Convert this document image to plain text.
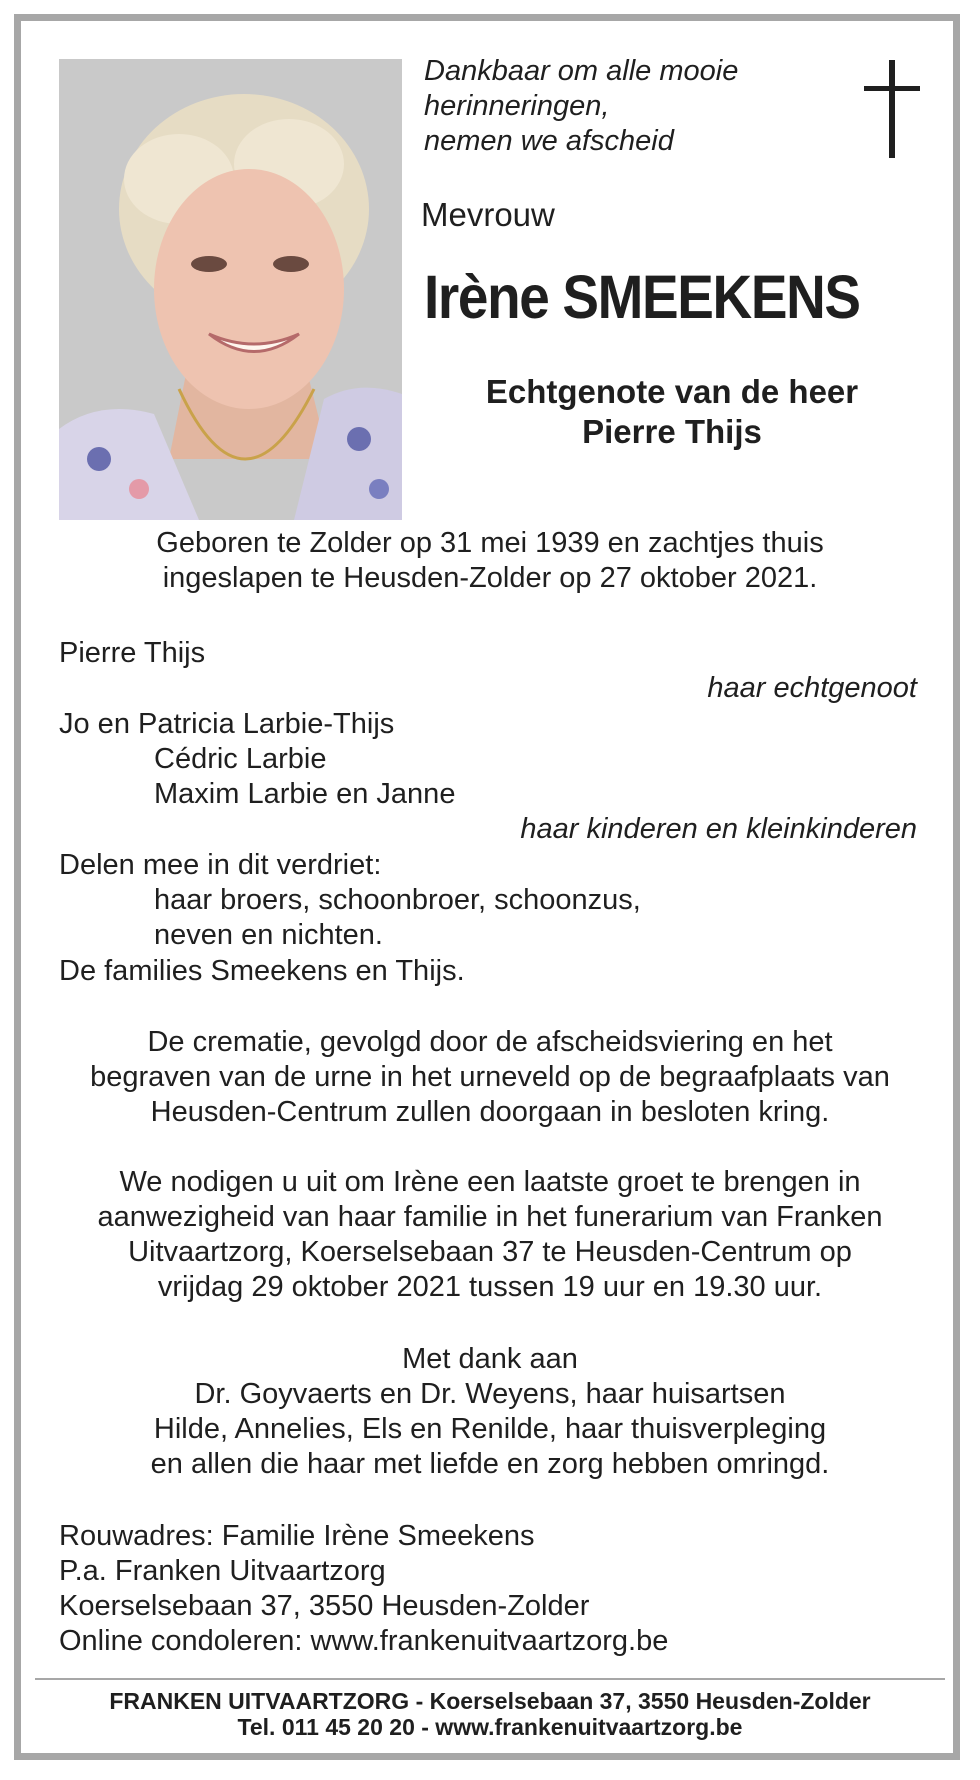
Dankbaar om alle mooie
herinneringen,
nemen we afscheid

Mevrouw

Irène SMEEKENS
Echtgenote van de heer
Pierre Thijs
Geboren te Zolder op 31 mei 1939 en zachtjes thuis
ingeslapen te Heusden-Zolder op 27 oktober 2021.
Pierre Thijs
haar echtgenoot
Jo en Patricia Larbie-Thijs
Cédric Larbie
Maxim Larbie en Janne
haar kinderen en kleinkinderen
Delen mee in dit verdriet:
haar broers, schoonbroer, schoonzus,
neven en nichten.
De families Smeekens en Thijs.
De crematie, gevolgd door de afscheidsviering en het
begraven van de urne in het urneveld op de begraafplaats van
Heusden-Centrum zullen doorgaan in besloten kring.
We nodigen u uit om Irène een laatste groet te brengen in
aanwezigheid van haar familie in het funerarium van Franken
Uitvaartzorg, Koerselsebaan 37 te Heusden-Centrum op
vrijdag 29 oktober 2021 tussen 19 uur en 19.30 uur.
Met dank aan
Dr. Goyvaerts en Dr. Weyens, haar huisartsen
Hilde, Annelies, Els en Renilde, haar thuisverpleging
en allen die haar met liefde en zorg hebben omringd.
Rouwadres: Familie Irène Smeekens
P.a. Franken Uitvaartzorg
Koerselsebaan 37, 3550 Heusden-Zolder
Online condoleren: www.frankenuitvaartzorg.be
FRANKEN UITVAARTZORG - Koerselsebaan 37, 3550 Heusden-Zolder
Tel. 011 45 20 20 - www.frankenuitvaartzorg.be
